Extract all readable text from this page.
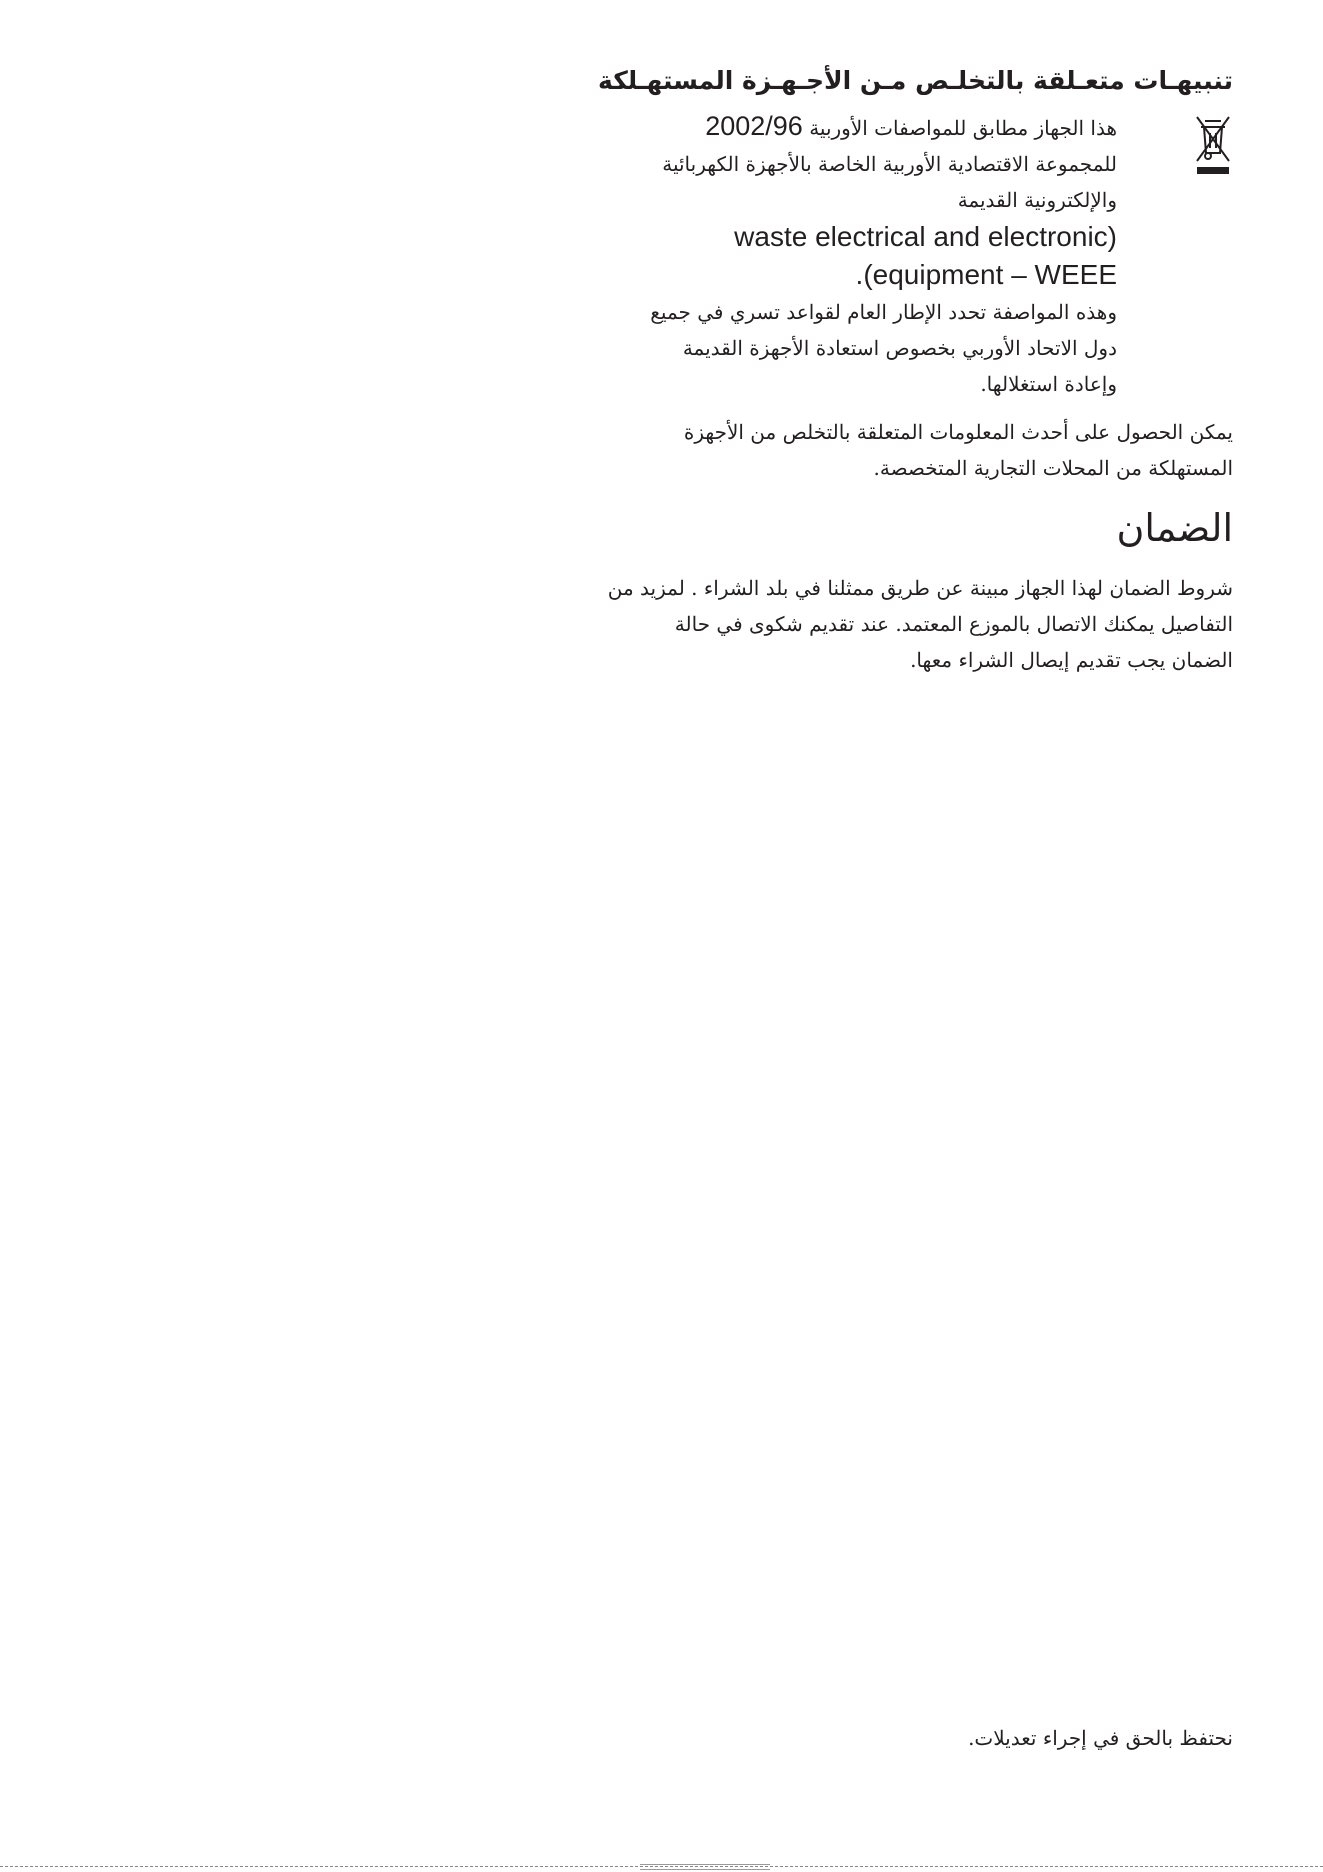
تنبيهـات متعـلقة بالتخلـص مـن الأجـهـزة المستهـلكة
هذا الجهاز مطابق للمواصفات الأوربية 2002/96
للمجموعة الاقتصادية الأوربية الخاصة بالأجهزة الكهربائية
والإلكترونية القديمة
waste electrical and electronic)
.(equipment – WEEE
وهذه المواصفة تحدد الإطار العام لقواعد تسري في جميع
دول الاتحاد الأوربي بخصوص استعادة الأجهزة القديمة
وإعادة استغلالها.
يمكن الحصول على أحدث المعلومات المتعلقة بالتخلص من الأجهزة
المستهلكة من المحلات التجارية المتخصصة.
الضمان
شروط الضمان لهذا الجهاز مبينة عن طريق ممثلنا في بلد الشراء . لمزيد من
التفاصيل يمكنك الاتصال بالموزع المعتمد. عند تقديم شكوى في حالة
الضمان يجب تقديم إيصال الشراء معها.
نحتفظ بالحق في إجراء تعديلات.
